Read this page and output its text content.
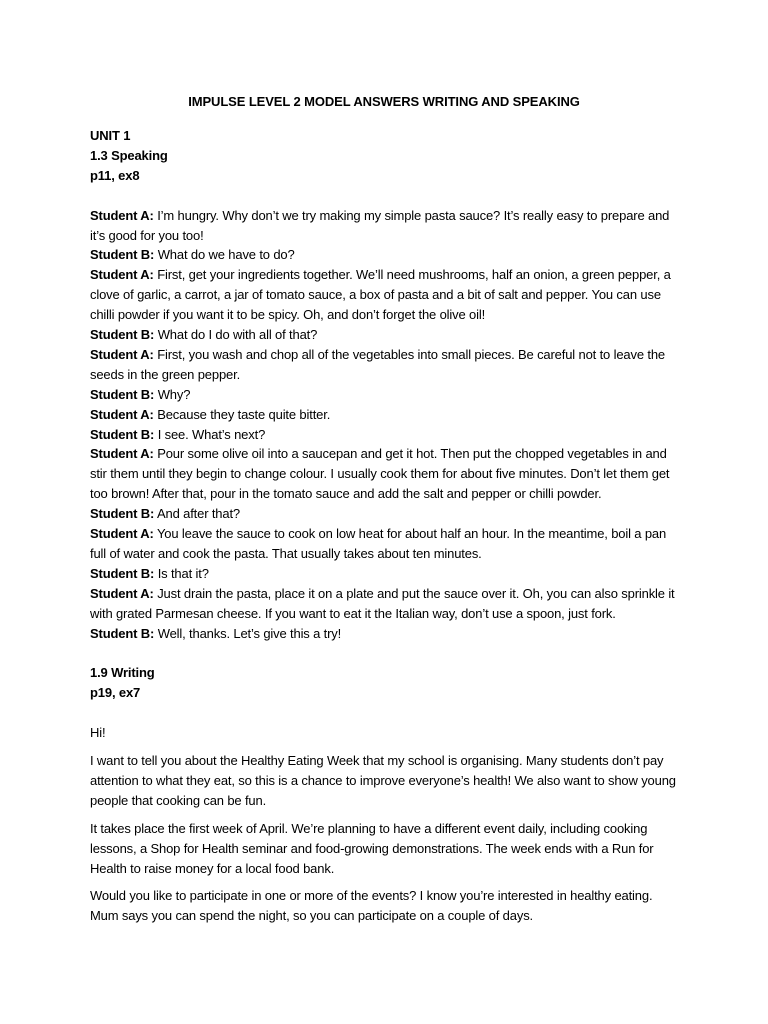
IMPULSE LEVEL 2 MODEL ANSWERS WRITING AND SPEAKING

UNIT 1

1.3 Speaking

p11, ex8

Student A: I’m hungry. Why don’t we try making my simple pasta sauce? It’s really easy to prepare and it’s good for you too!

Student B: What do we have to do?

Student A: First, get your ingredients together. We’ll need mushrooms, half an onion, a green pepper, a clove of garlic, a carrot, a jar of tomato sauce, a box of pasta and a bit of salt and pepper. You can use chilli powder if you want it to be spicy. Oh, and don’t forget the olive oil!

Student B: What do I do with all of that?

Student A: First, you wash and chop all of the vegetables into small pieces. Be careful not to leave the seeds in the green pepper.

Student B: Why?

Student A: Because they taste quite bitter.

Student B: I see. What’s next?

Student A: Pour some olive oil into a saucepan and get it hot. Then put the chopped vegetables in and stir them until they begin to change colour. I usually cook them for about five minutes. Don’t let them get too brown! After that, pour in the tomato sauce and add the salt and pepper or chilli powder.

Student B: And after that?

Student A: You leave the sauce to cook on low heat for about half an hour. In the meantime, boil a pan full of water and cook the pasta. That usually takes about ten minutes.

Student B: Is that it?

Student A: Just drain the pasta, place it on a plate and put the sauce over it. Oh, you can also sprinkle it with grated Parmesan cheese. If you want to eat it the Italian way, don’t use a spoon, just fork.

Student B: Well, thanks. Let’s give this a try!

1.9 Writing

p19, ex7

Hi!

I want to tell you about the Healthy Eating Week that my school is organising. Many students don’t pay attention to what they eat, so this is a chance to improve everyone’s health! We also want to show young people that cooking can be fun.

It takes place the first week of April. We’re planning to have a different event daily, including cooking lessons, a Shop for Health seminar and food-growing demonstrations. The week ends with a Run for Health to raise money for a local food bank.

Would you like to participate in one or more of the events? I know you’re interested in healthy eating. Mum says you can spend the night, so you can participate on a couple of days.
